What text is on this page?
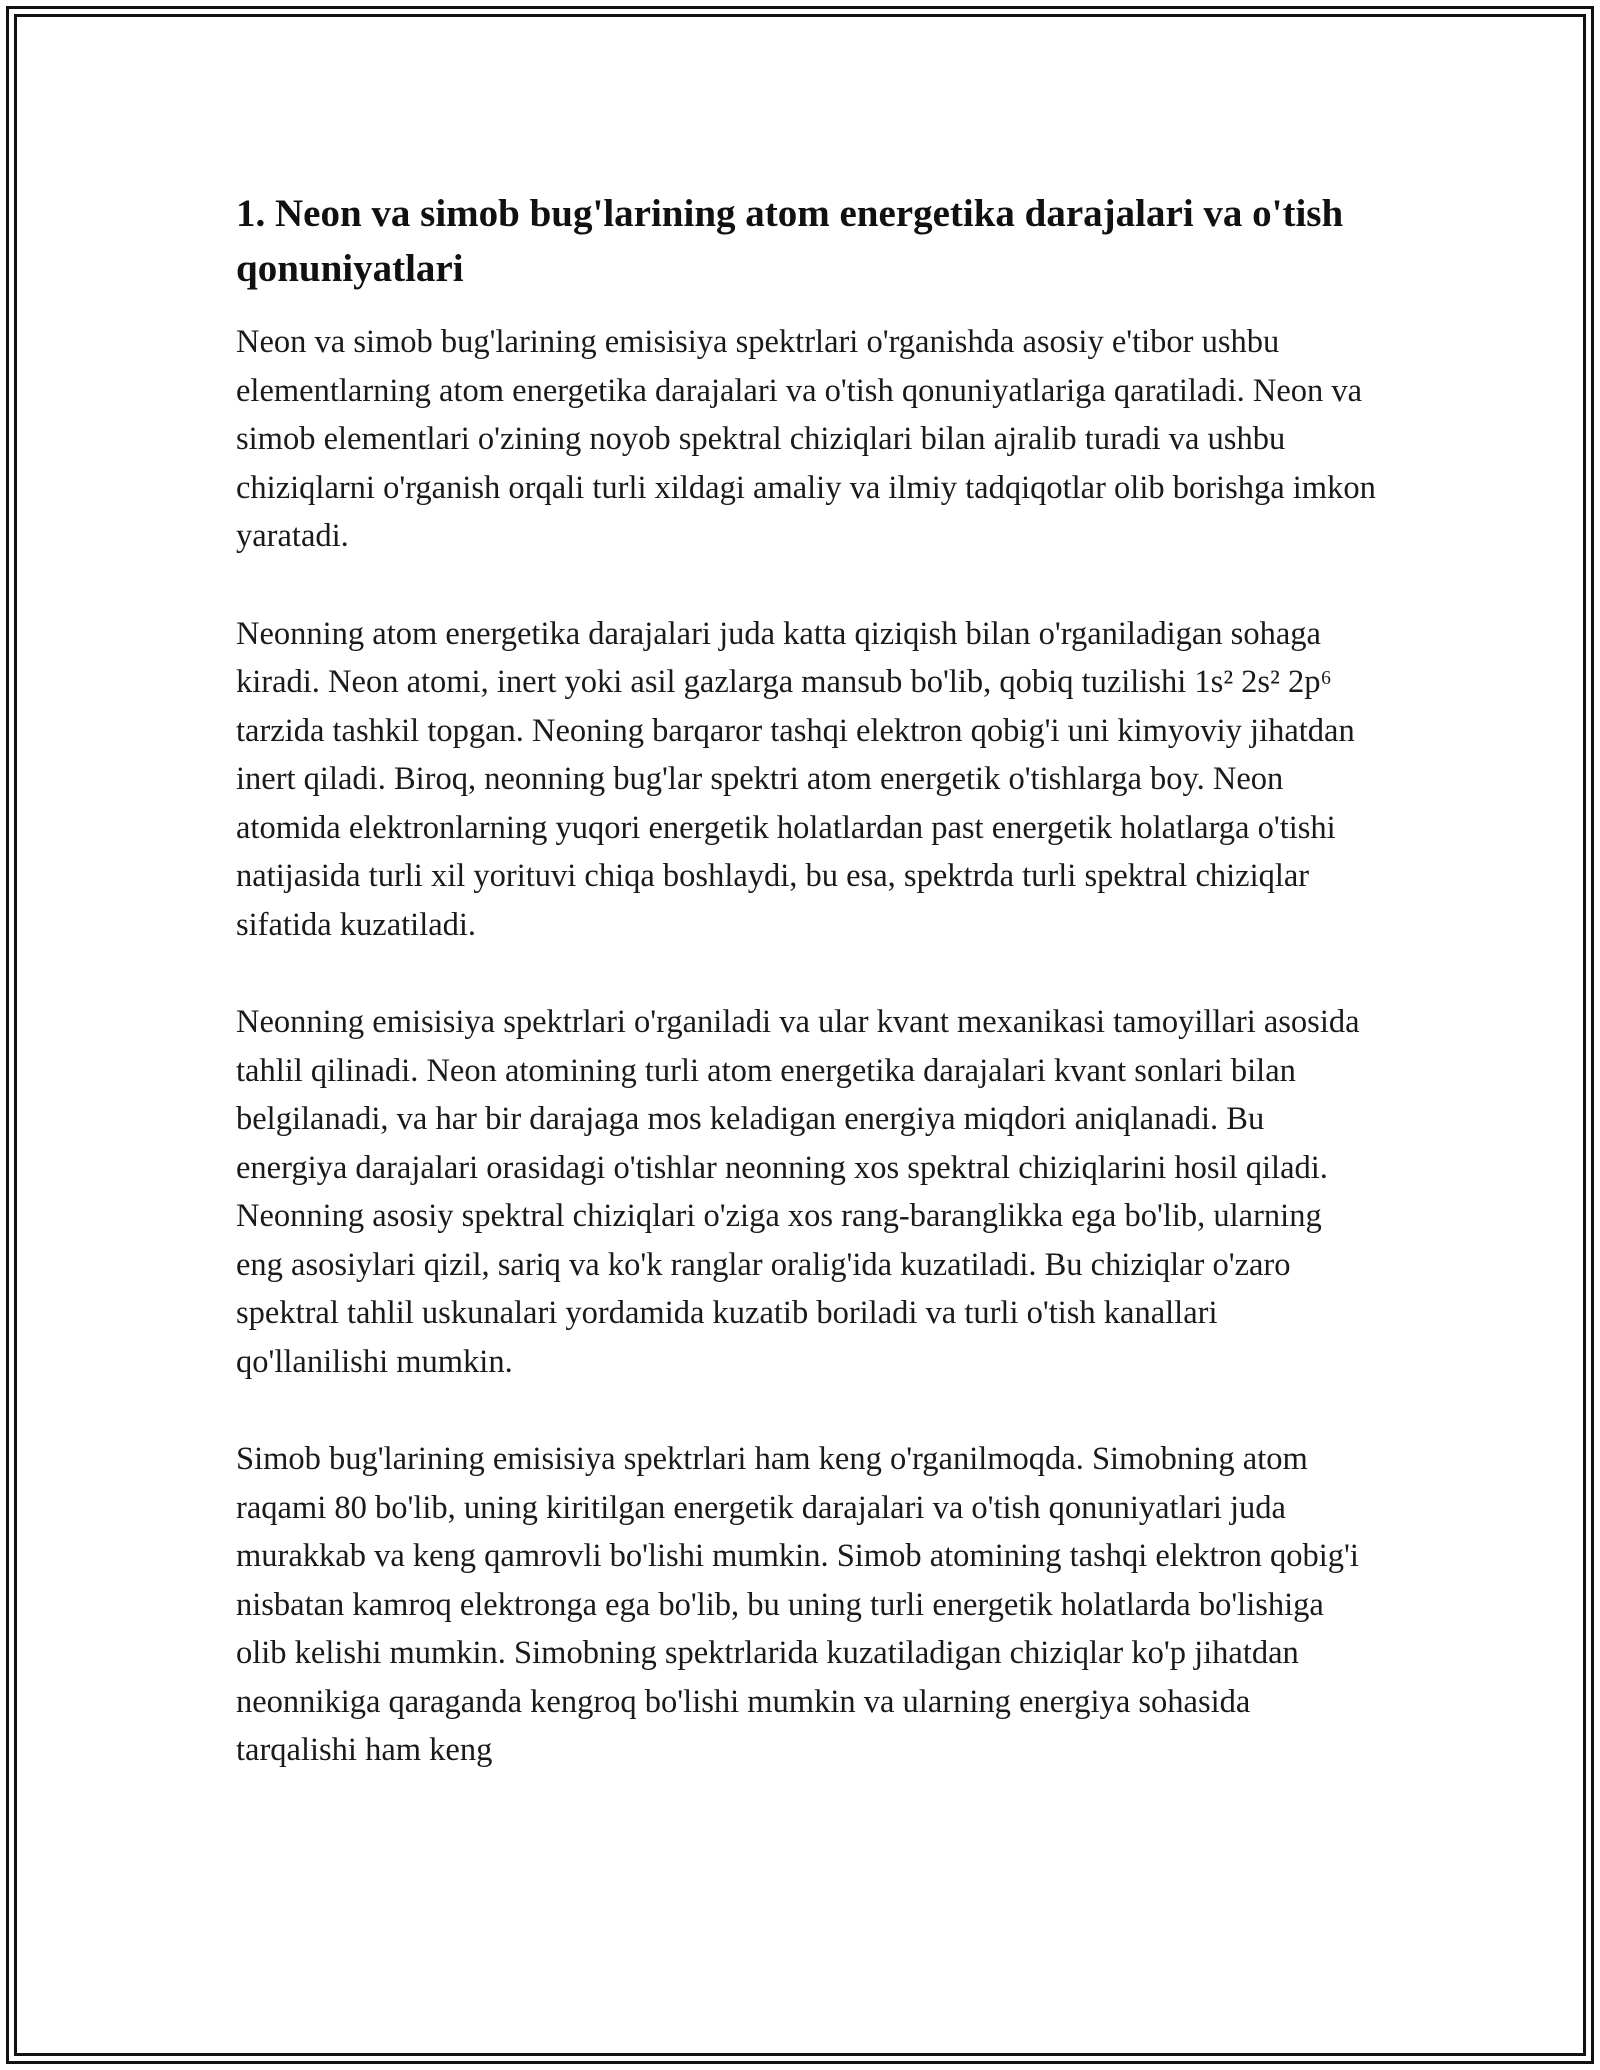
1. Neon va simob bug'larining atom energetika darajalari va o'tish qonuniyatlari

Neon va simob bug'larining emisisiya spektrlari o'rganishda asosiy e'tibor ushbu elementlarning atom energetika darajalari va o'tish qonuniyatlariga qaratiladi. Neon va simob elementlari o'zining noyob spektral chiziqlari bilan ajralib turadi va ushbu chiziqlarni o'rganish orqali turli xildagi amaliy va ilmiy tadqiqotlar olib borishga imkon yaratadi.

Neonning atom energetika darajalari juda katta qiziqish bilan o'rganiladigan sohaga kiradi. Neon atomi, inert yoki asil gazlarga mansub bo'lib, qobiq tuzilishi 1s² 2s² 2p⁶ tarzida tashkil topgan. Neoning barqaror tashqi elektron qobig'i uni kimyoviy jihatdan inert qiladi. Biroq, neonning bug'lar spektri atom energetik o'tishlarga boy. Neon atomida elektronlarning yuqori energetik holatlardan past energetik holatlarga o'tishi natijasida turli xil yorituvi chiqa boshlaydi, bu esa, spektrda turli spektral chiziqlar sifatida kuzatiladi.

Neonning emisisiya spektrlari o'rganiladi va ular kvant mexanikasi tamoyillari asosida tahlil qilinadi. Neon atomining turli atom energetika darajalari kvant sonlari bilan belgilanadi, va har bir darajaga mos keladigan energiya miqdori aniqlanadi. Bu energiya darajalari orasidagi o'tishlar neonning xos spektral chiziqlarini hosil qiladi. Neonning asosiy spektral chiziqlari o'ziga xos rang-baranglikka ega bo'lib, ularning eng asosiylari qizil, sariq va ko'k ranglar oralig'ida kuzatiladi. Bu chiziqlar o'zaro spektral tahlil uskunalari yordamida kuzatib boriladi va turli o'tish kanallari qo'llanilishi mumkin.

Simob bug'larining emisisiya spektrlari ham keng o'rganilmoqda. Simobning atom raqami 80 bo'lib, uning kiritilgan energetik darajalari va o'tish qonuniyatlari juda murakkab va keng qamrovli bo'lishi mumkin. Simob atomining tashqi elektron qobig'i nisbatan kamroq elektronga ega bo'lib, bu uning turli energetik holatlarda bo'lishiga olib kelishi mumkin. Simobning spektrlarida kuzatiladigan chiziqlar ko'p jihatdan neonnikiga qaraganda kengroq bo'lishi mumkin va ularning energiya sohasida tarqalishi ham keng
